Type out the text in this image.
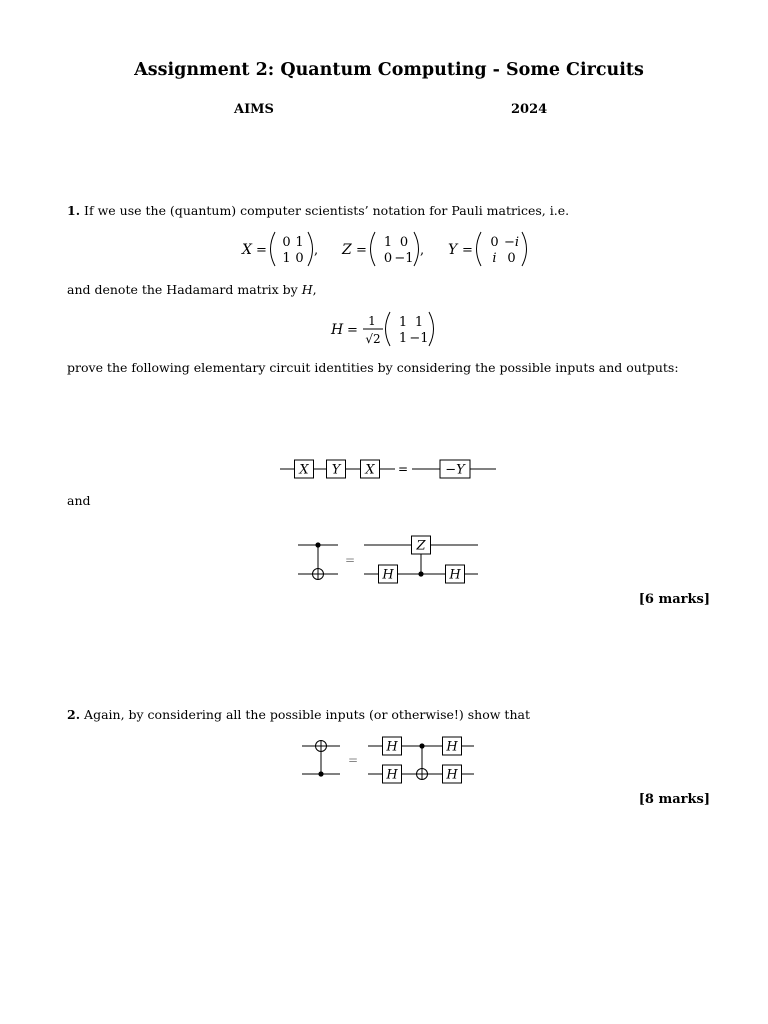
Assignment 2: Quantum Computing - Some Circuits
AIMS	2024
1. If we use the (quantum) computer scientists’ notation for Pauli matrices, i.e.
X =
0 1
1 0
, Z =
1 0
0 −1
, Y =
0 −i
i 0
and denote the Hadamard matrix by H,
H =
1
√2
1 1
1 −1
prove the following elementary circuit identities by considering the possible inputs and outputs:
X Y X =	−Y
and
=
H
Z
H
[6 marks]
2. Again, by considering all the possible inputs (or otherwise!) show that
=
H
H
H
H
[8 marks]
